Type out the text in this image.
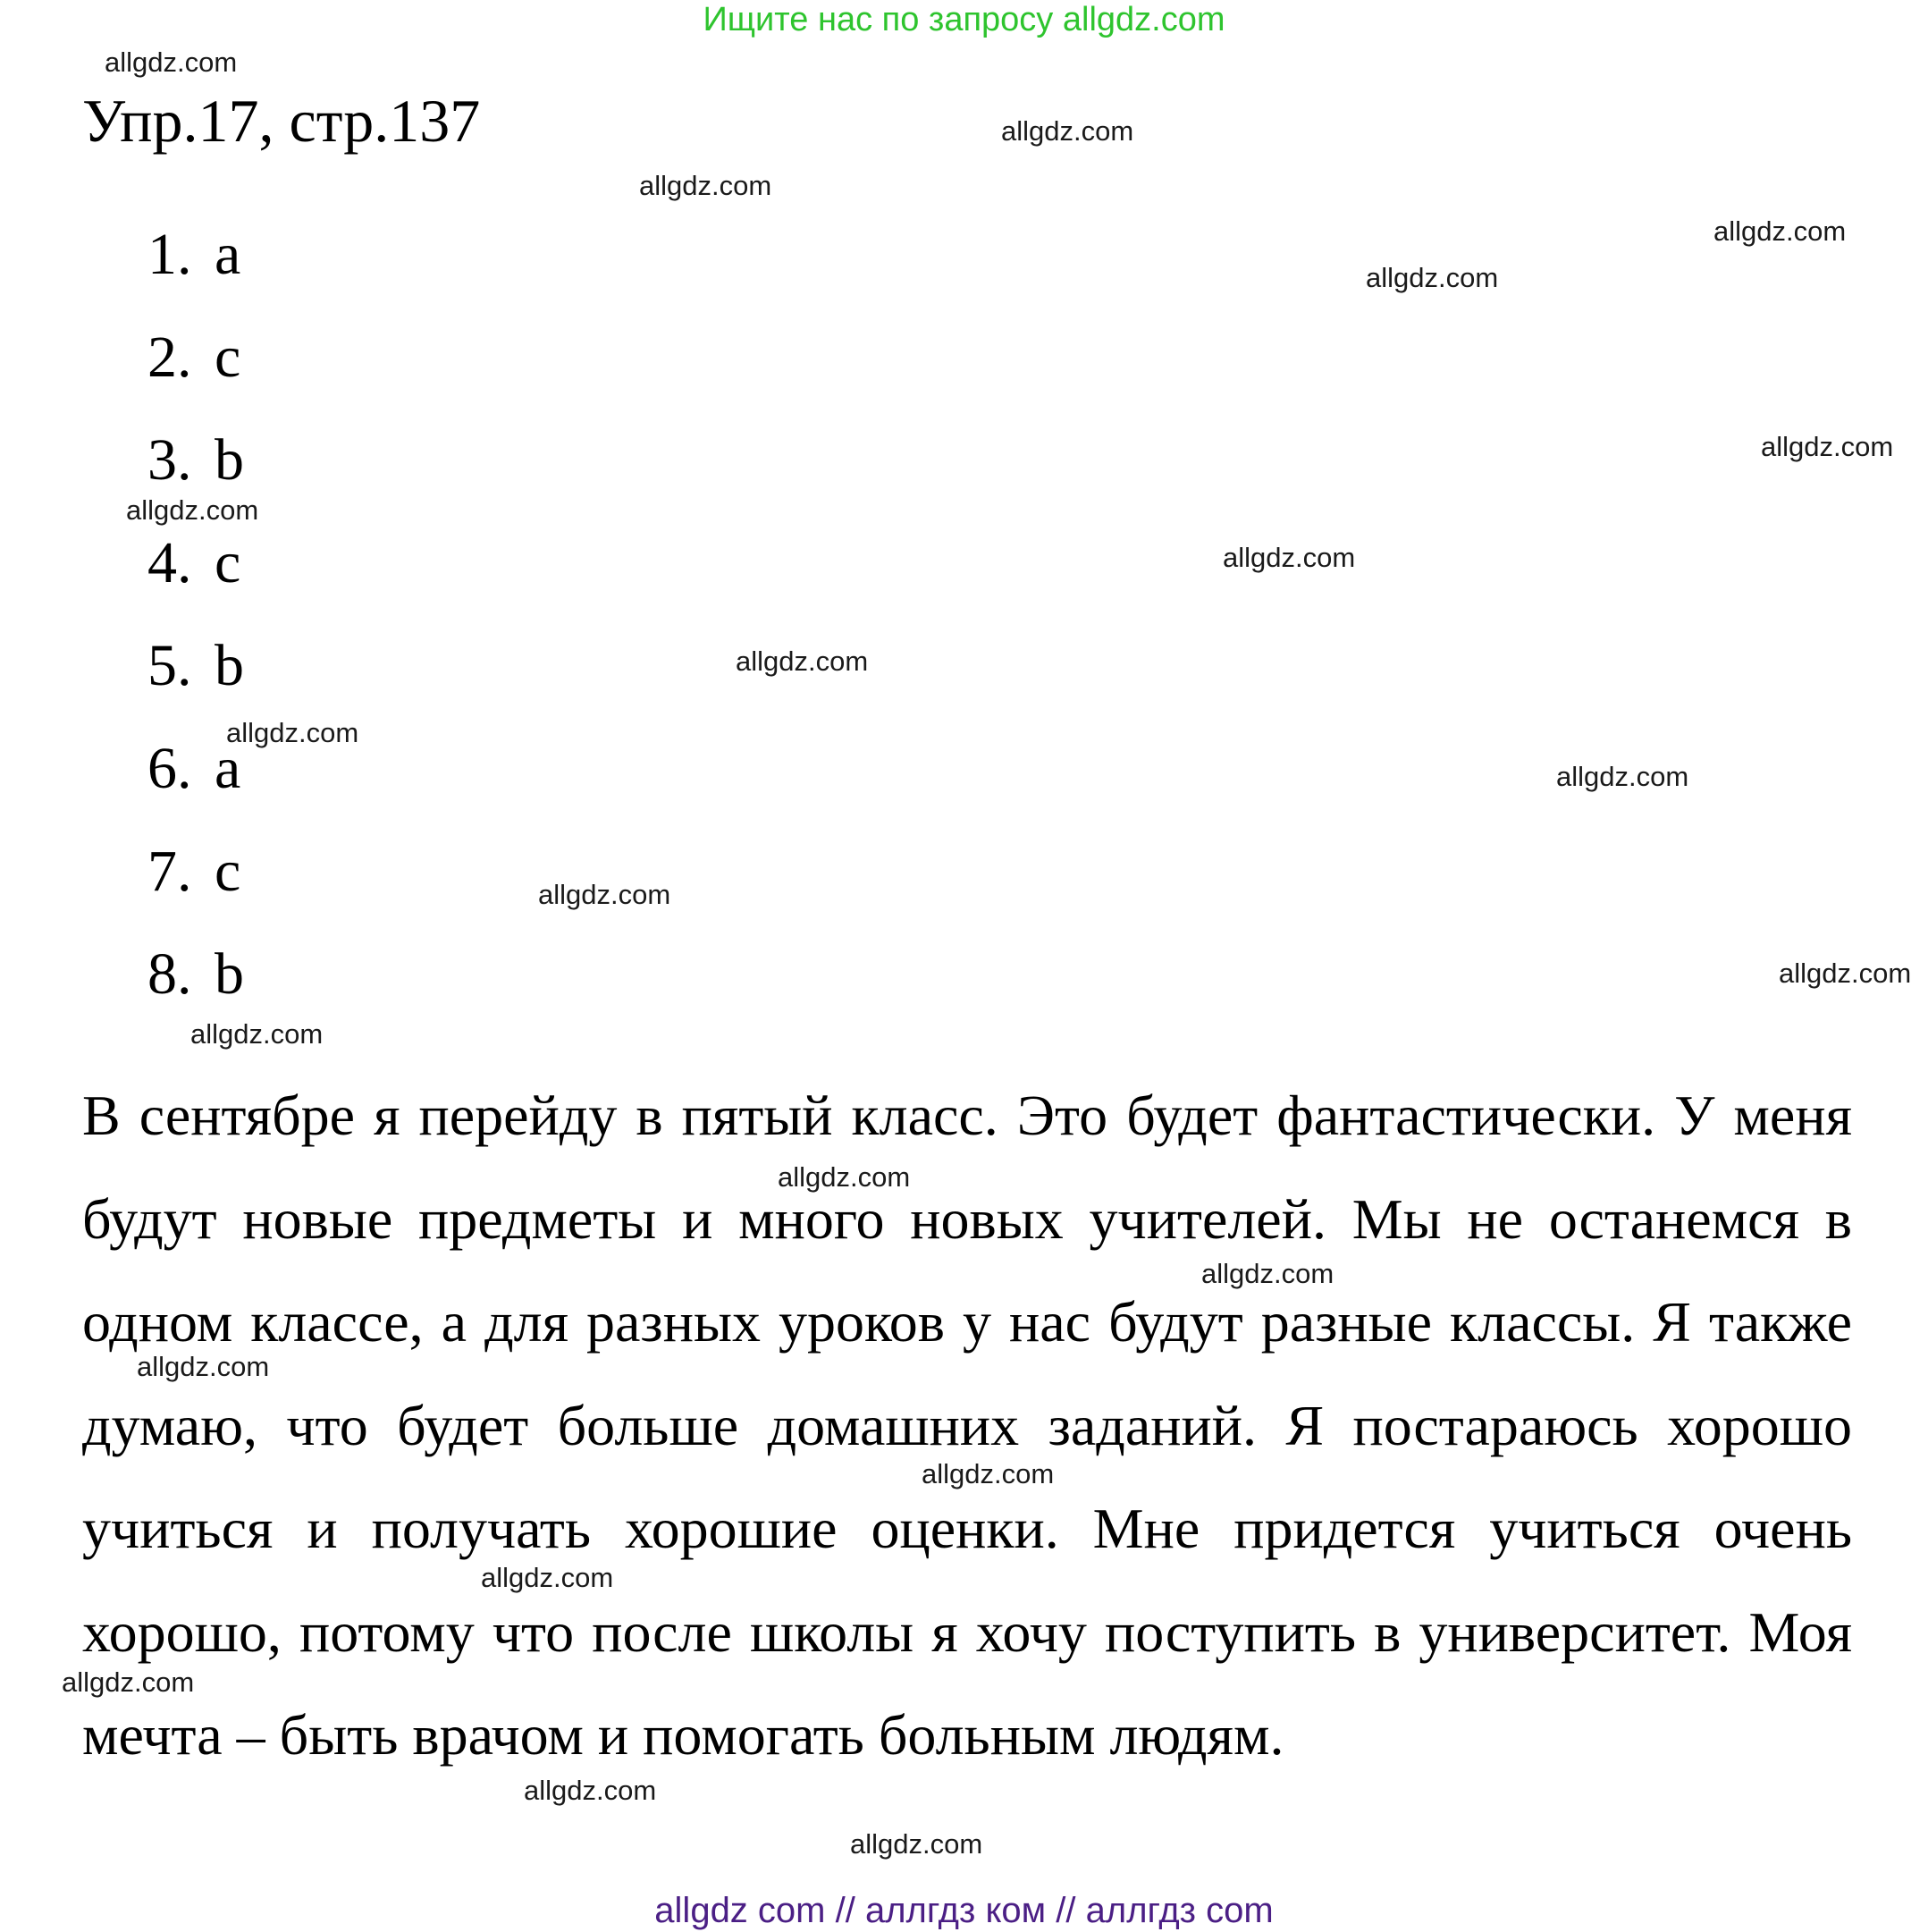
Ищите нас по запросу allgdz.com
Упр.17, стр.137
1. a
2. c
3. b
4. c
5. b
6. a
7. c
8. b

В сентябре я перейду в пятый класс. Это будет фантастически. У меня будут новые предметы и много новых учителей. Мы не останемся в одном классе, а для разных уроков у нас будут разные классы. Я также думаю, что будет больше домашних заданий. Я постараюсь хорошо учиться и получать хорошие оценки. Мне придется учиться очень хорошо, потому что после школы я хочу поступить в университет. Моя мечта – быть врачом и помогать больным людям.

allgdz.com
allgdz.com
allgdz.com
allgdz.com
allgdz.com
allgdz.com
allgdz.com
allgdz.com
allgdz.com
allgdz.com
allgdz.com
allgdz.com
allgdz.com
allgdz.com
allgdz.com
allgdz.com
allgdz.com
allgdz.com
allgdz.com
allgdz.com
allgdz.com
allgdz.com
allgdz com // аллгдз ком // аллгдз com
